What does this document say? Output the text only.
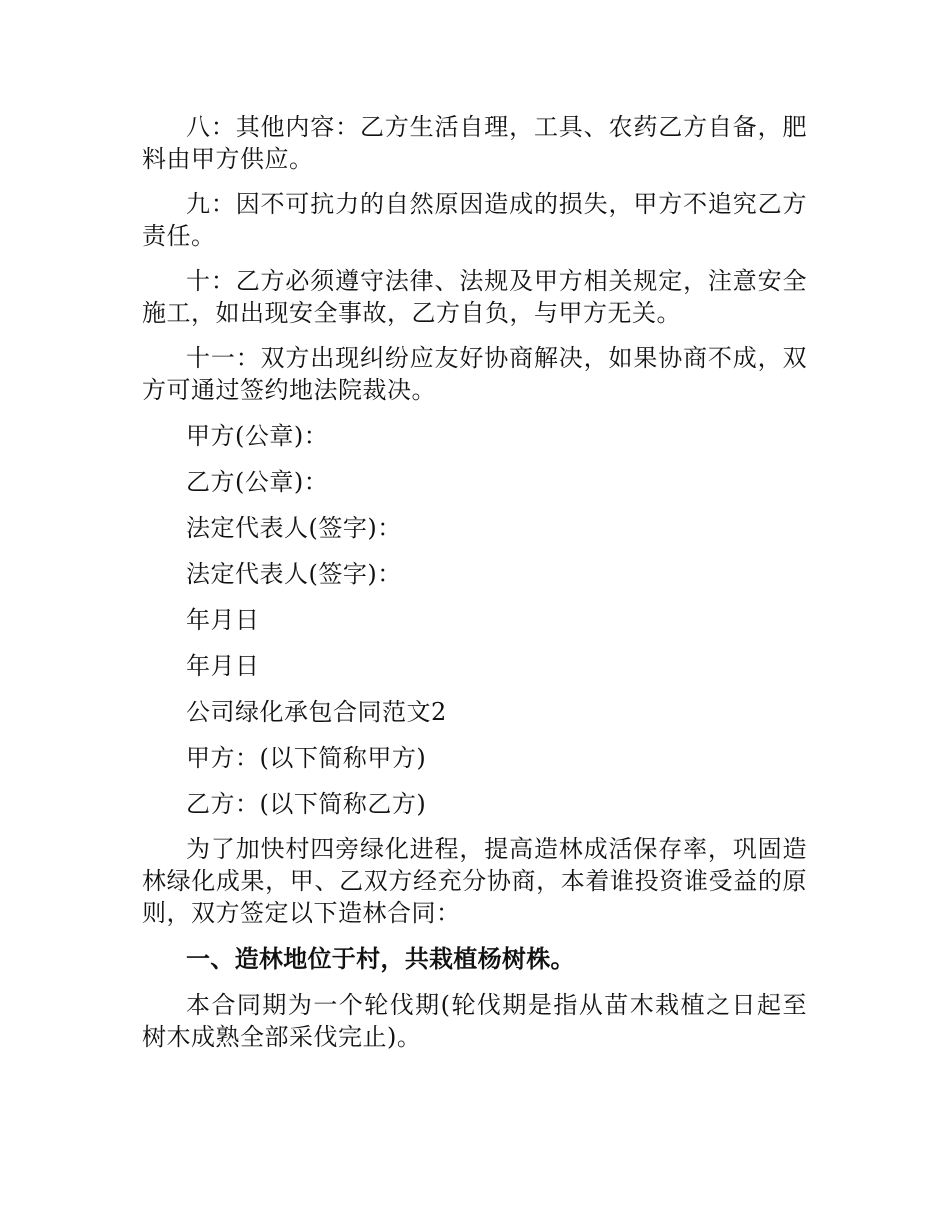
八：其他内容：乙方生活自理，工具、农药乙方自备，肥料由甲方供应。

九：因不可抗力的自然原因造成的损失，甲方不追究乙方责任。

十：乙方必须遵守法律、法规及甲方相关规定，注意安全施工，如出现安全事故，乙方自负，与甲方无关。

十一：双方出现纠纷应友好协商解决，如果协商不成，双方可通过签约地法院裁决。

甲方(公章)：

乙方(公章)：

法定代表人(签字)：

法定代表人(签字)：

年月日

年月日

公司绿化承包合同范文2

甲方：(以下简称甲方)

乙方：(以下简称乙方)

为了加快村四旁绿化进程，提高造林成活保存率，巩固造林绿化成果，甲、乙双方经充分协商，本着谁投资谁受益的原则，双方签定以下造林合同：

一、造林地位于村，共栽植杨树株。

本合同期为一个轮伐期(轮伐期是指从苗木栽植之日起至树木成熟全部采伐完止)。
